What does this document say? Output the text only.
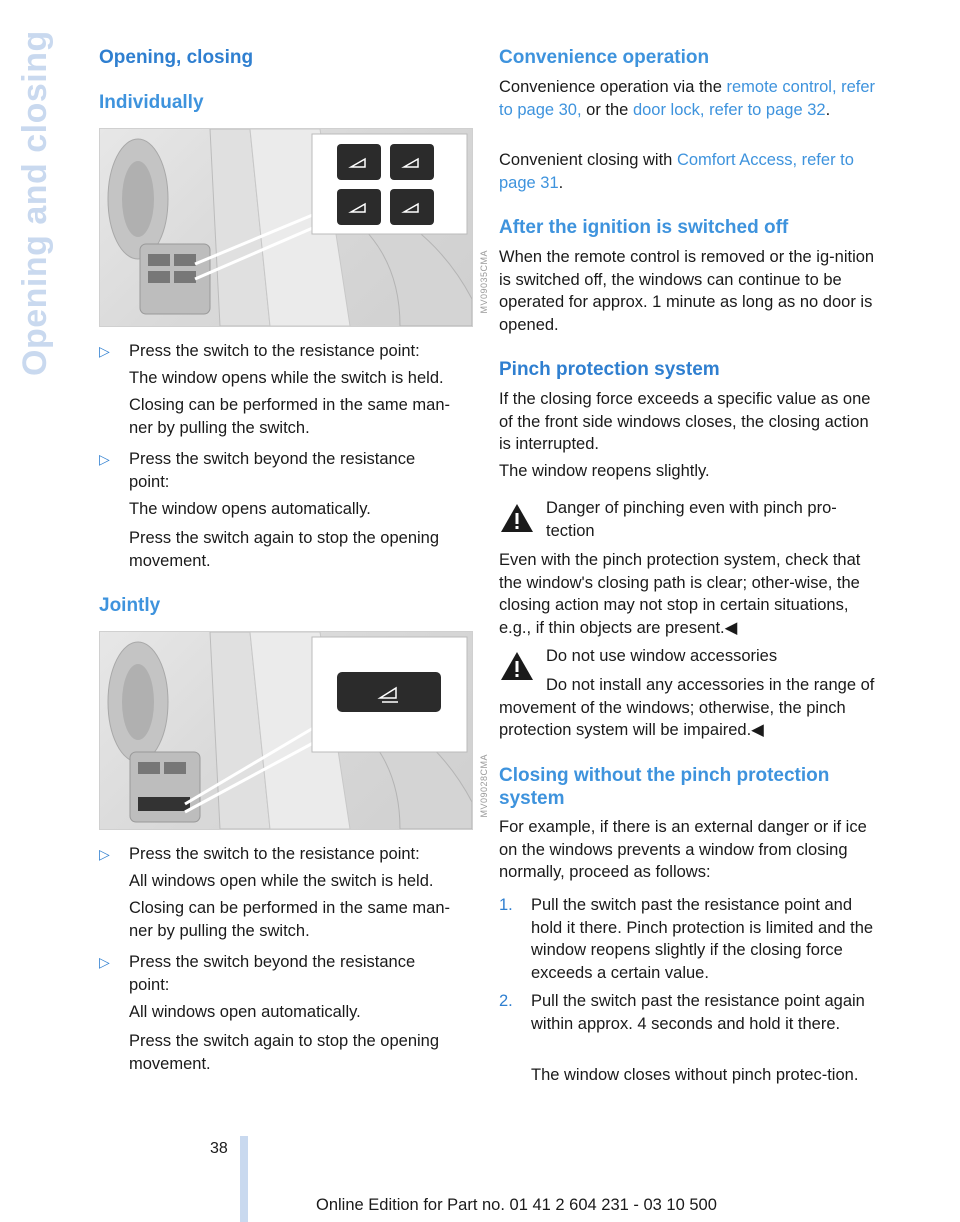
Opening and closing	Opening, closing
Individually
MV09035CMA
▷ Press the switch to the resistance point:

The window opens while the switch is held.

Closing can be performed in the same man-

ner by pulling the switch.

▷ Press the switch beyond the resistance

point:

The window opens automatically.

Press the switch again to stop the opening

movement.

Jointly
MV09028CMA
▷ Press the switch to the resistance point:

All windows open while the switch is held.

Closing can be performed in the same man-

ner by pulling the switch.

▷ Press the switch beyond the resistance

point:

All windows open automatically.

Press the switch again to stop the opening

movement.

Convenience operation

Convenience operation via the remote control, refer to page 30, or the door lock, refer to page 32.

Convenient closing with Comfort Access, refer to page 31.

After the ignition is switched off

When the remote control is removed or the ig-nition is switched off, the windows can continue to be operated for approx. 1 minute as long as no door is opened.

Pinch protection system

If the closing force exceeds a specific value as one of the front side windows closes, the closing action is interrupted.

The window reopens slightly.

Danger of pinching even with pinch pro-tection

Even with the pinch protection system, check that the window's closing path is clear; other-wise, the closing action may not stop in certain situations, e.g., if thin objects are present.◀

Do not use window accessories

Do not install any accessories in the range of movement of the windows; otherwise, the pinch protection system will be impaired.◀

Closing without the pinch protection system

For example, if there is an external danger or if ice on the windows prevents a window from closing normally, proceed as follows:

1. Pull the switch past the resistance point and hold it there. Pinch protection is limited and the window reopens slightly if the closing force exceeds a certain value.

2. Pull the switch past the resistance point again within approx. 4 seconds and hold it there.

The window closes without pinch protec-tion.

38
Online Edition for Part no. 01 41 2 604 231 - 03 10 500
